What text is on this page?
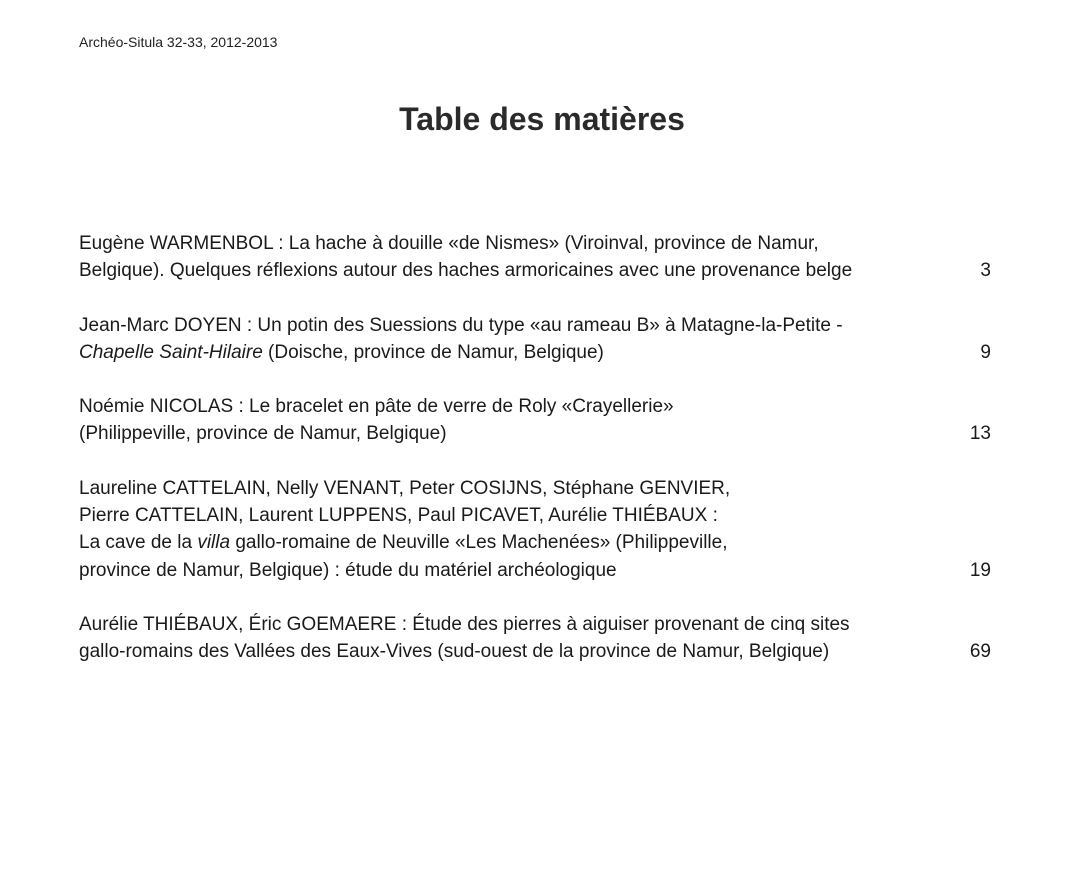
Archéo-Situla 32-33, 2012-2013
Table des matières
Eugène WARMENBOL : La hache à douille «de Nismes» (Viroinval, province de Namur,
Belgique). Quelques réflexions autour des haches armoricaines avec une provenance belge	3
Jean-Marc DOYEN : Un potin des Suessions du type «au rameau B» à Matagne-la-Petite -
Chapelle Saint-Hilaire (Doische, province de Namur, Belgique)	9
Noémie NICOLAS : Le bracelet en pâte de verre de Roly «Crayellerie»
(Philippeville, province de Namur, Belgique)	13
Laureline CATTELAIN, Nelly VENANT, Peter COSIJNS, Stéphane GENVIER,
Pierre CATTELAIN, Laurent LUPPENS, Paul PICAVET, Aurélie THIÉBAUX :
La cave de la villa gallo-romaine de Neuville «Les Machenées» (Philippeville,
province de Namur, Belgique) : étude du matériel archéologique	19
Aurélie THIÉBAUX, Éric GOEMAERE : Étude des pierres à aiguiser provenant de cinq sites
gallo-romains des Vallées des Eaux-Vives (sud-ouest de la province de Namur, Belgique)	69
